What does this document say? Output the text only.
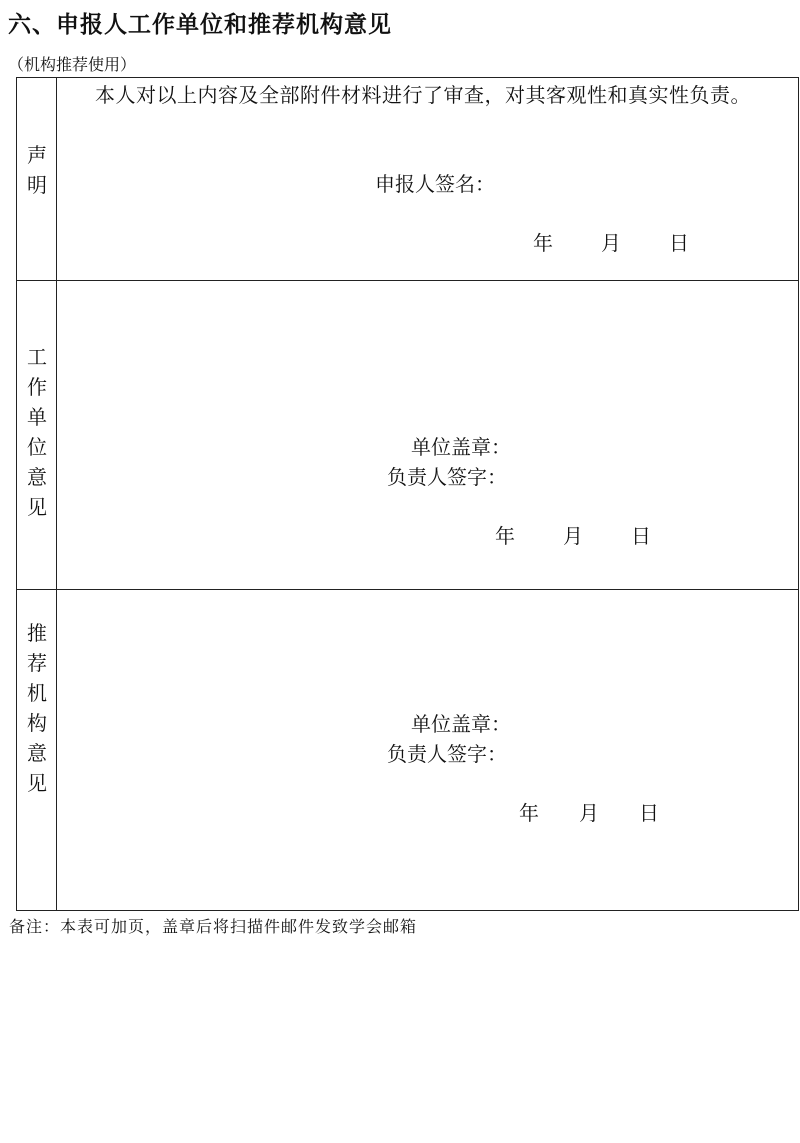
六、申报人工作单位和推荐机构意见
（机构推荐使用）
声
明
本人对以上内容及全部附件材料进行了审查，对其客观性和真实性负责。
申报人签名：
年 月 日
工
作
单
位
意
见
单位盖章：
负责人签字：
年 月 日
推
荐
机
构
意
见
单位盖章：
负责人签字：
年 月 日
备注：本表可加页，盖章后将扫描件邮件发致学会邮箱
